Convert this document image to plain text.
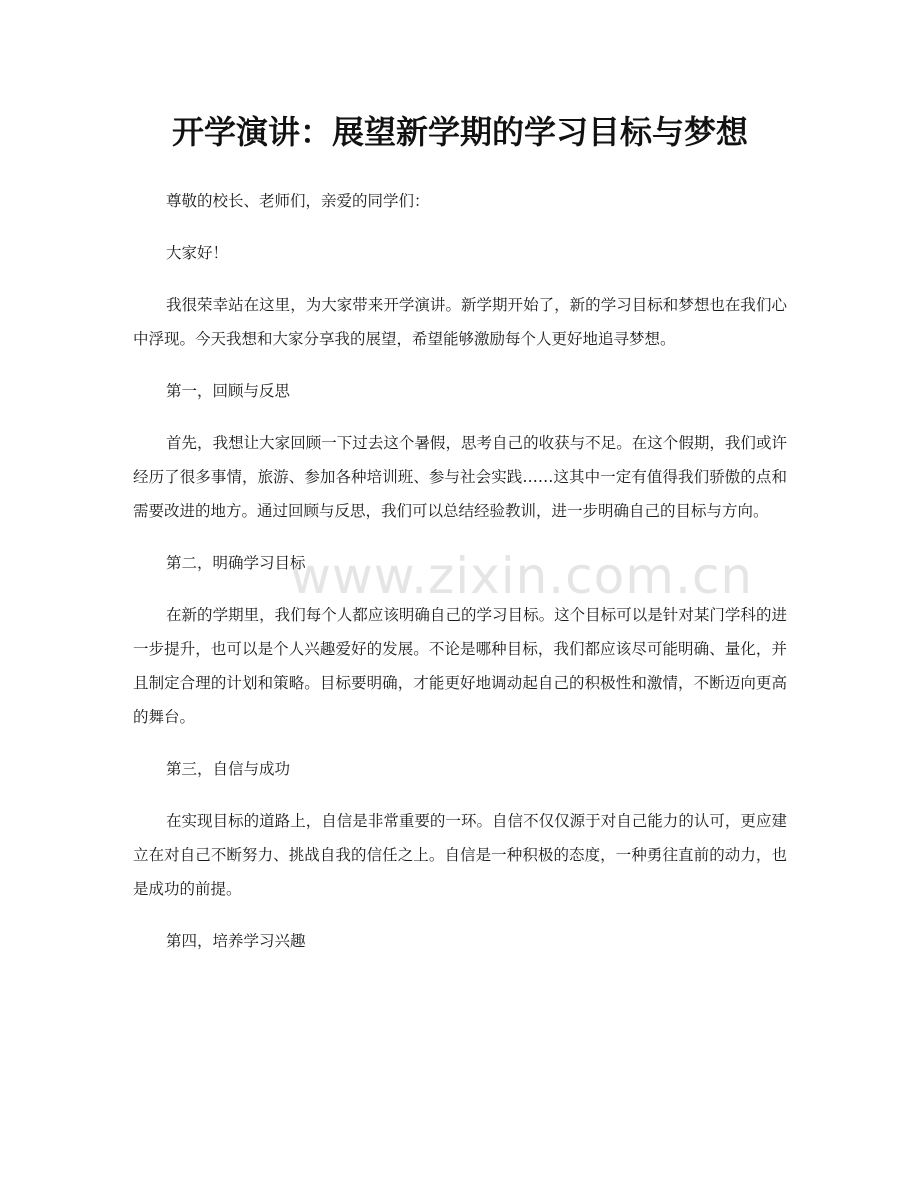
开学演讲：展望新学期的学习目标与梦想

尊敬的校长、老师们，亲爱的同学们：

大家好！

我很荣幸站在这里，为大家带来开学演讲。新学期开始了，新的学习目标和梦想也在我们心中浮现。今天我想和大家分享我的展望，希望能够激励每个人更好地追寻梦想。

第一，回顾与反思

首先，我想让大家回顾一下过去这个暑假，思考自己的收获与不足。在这个假期，我们或许经历了很多事情，旅游、参加各种培训班、参与社会实践……这其中一定有值得我们骄傲的点和需要改进的地方。通过回顾与反思，我们可以总结经验教训，进一步明确自己的目标与方向。

第二，明确学习目标

在新的学期里，我们每个人都应该明确自己的学习目标。这个目标可以是针对某门学科的进一步提升，也可以是个人兴趣爱好的发展。不论是哪种目标，我们都应该尽可能明确、量化，并且制定合理的计划和策略。目标要明确，才能更好地调动起自己的积极性和激情，不断迈向更高的舞台。

第三，自信与成功

在实现目标的道路上，自信是非常重要的一环。自信不仅仅源于对自己能力的认可，更应建立在对自己不断努力、挑战自我的信任之上。自信是一种积极的态度，一种勇往直前的动力，也是成功的前提。

第四，培养学习兴趣

www.zixin.com.cn
